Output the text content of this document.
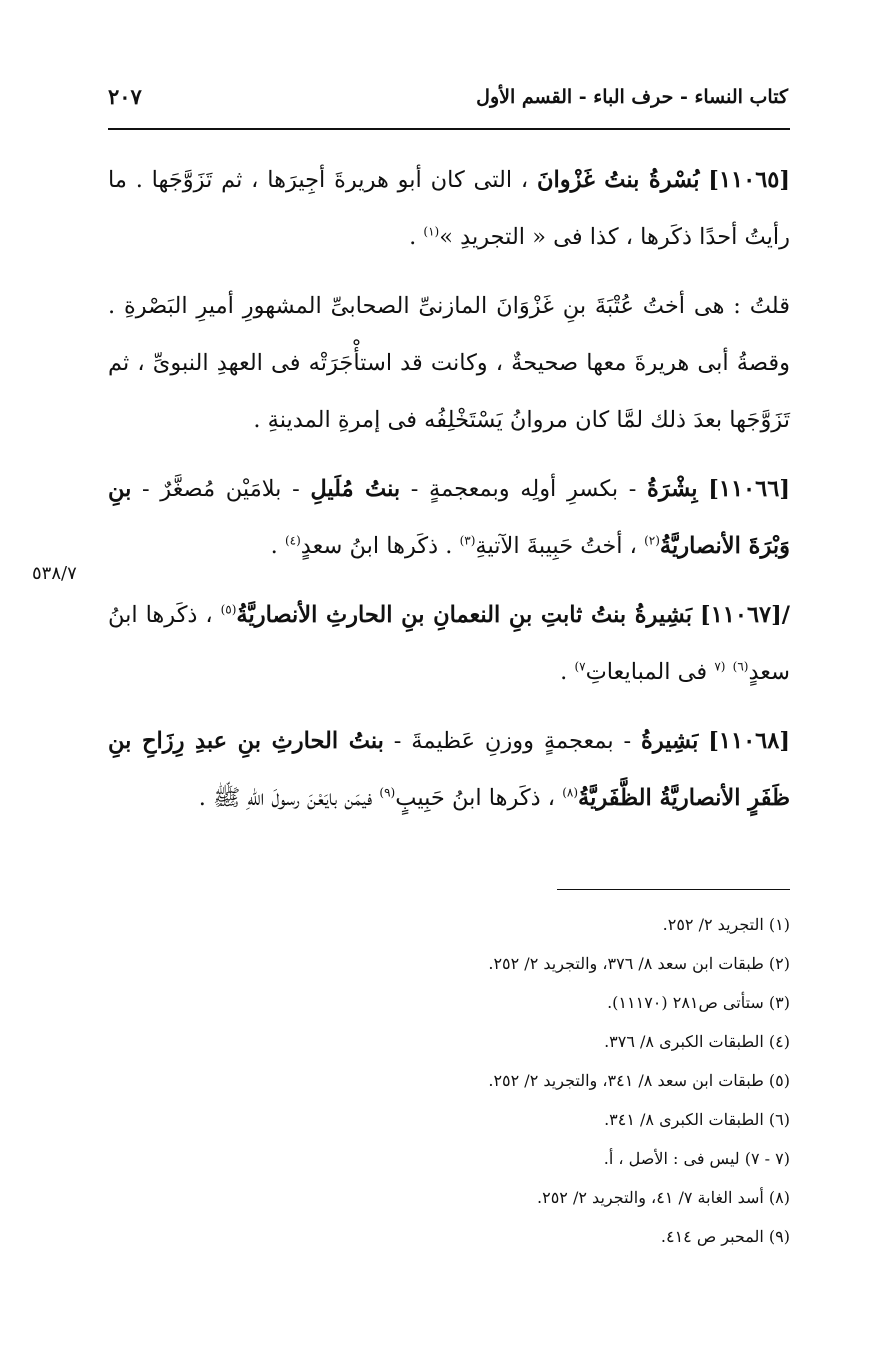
كتاب النساء - حرف الباء - القسم الأول
٢٠٧
٥٣٨/٧

[١١٠٦٥] بُسْرةُ بنتُ غَزْوانَ ، التى كان أبو هريرةَ أجِيرَها ، ثم تَزَوَّجَها . ما رأيتُ أحدًا ذكَرها ، كذا فى « التجريدِ »$^{(١)}$ .

قلتُ : هى أختُ عُتْبَةَ بنِ غَزْوَانَ المازنىِّ الصحابىِّ المشهورِ أميرِ البَصْرةِ . وقصةُ أبى هريرةَ معها صحيحةٌ ، وكانت قد استأْجَرَتْه فى العهدِ النبوىِّ ، ثم تَزَوَّجَها بعدَ ذلك لمَّا كان مروانُ يَسْتَخْلِفُه فى إمرةِ المدينةِ .

[١١٠٦٦] بِشْرَةُ - بكسرِ أولِه وبمعجمةٍ - بنتُ مُلَيلِ - بلامَيْن مُصغَّرٌ - بنِ وَبْرَةَ الأنصاريَّةُ$^{(٢)}$ ، أختُ حَبِيبةَ الآتيةِ$^{(٣)}$ . ذكَرها ابنُ سعدٍ$^{(٤)}$ .

/[١١٠٦٧] بَشِيرةُ بنتُ ثابتِ بنِ النعمانِ بنِ الحارثِ الأنصاريَّةُ$^{(٥)}$ ، ذكَرها ابنُ سعدٍ$^{(٦)}$ $^{(٧}$ فى المبايعاتِ$^{٧)}$ .

[١١٠٦٨] بَشِيرةُ - بمعجمةٍ ووزنِ عَظيمةَ - بنتُ الحارثِ بنِ عبدِ رِزَاحِ بنِ ظَفَرٍ الأنصاريَّةُ الظَّفَريَّةُ$^{(٨)}$ ، ذكَرها ابنُ حَبِيبٍ$^{(٩)}$ فيمَن بايَعْنَ رسولَ اللهِ ﷺ .

(١) التجريد ٢/ ٢٥٢.
(٢) طبقات ابن سعد ٨/ ٣٧٦، والتجريد ٢/ ٢٥٢.
(٣) ستأتى ص٢٨١ (١١١٧٠).
(٤) الطبقات الكبرى ٨/ ٣٧٦.
(٥) طبقات ابن سعد ٨/ ٣٤١، والتجريد ٢/ ٢٥٢.
(٦) الطبقات الكبرى ٨/ ٣٤١.
(٧ - ٧) ليس فى : الأصل ، أ.
(٨) أسد الغابة ٧/ ٤١، والتجريد ٢/ ٢٥٢.
(٩) المحبر ص ٤١٤.
